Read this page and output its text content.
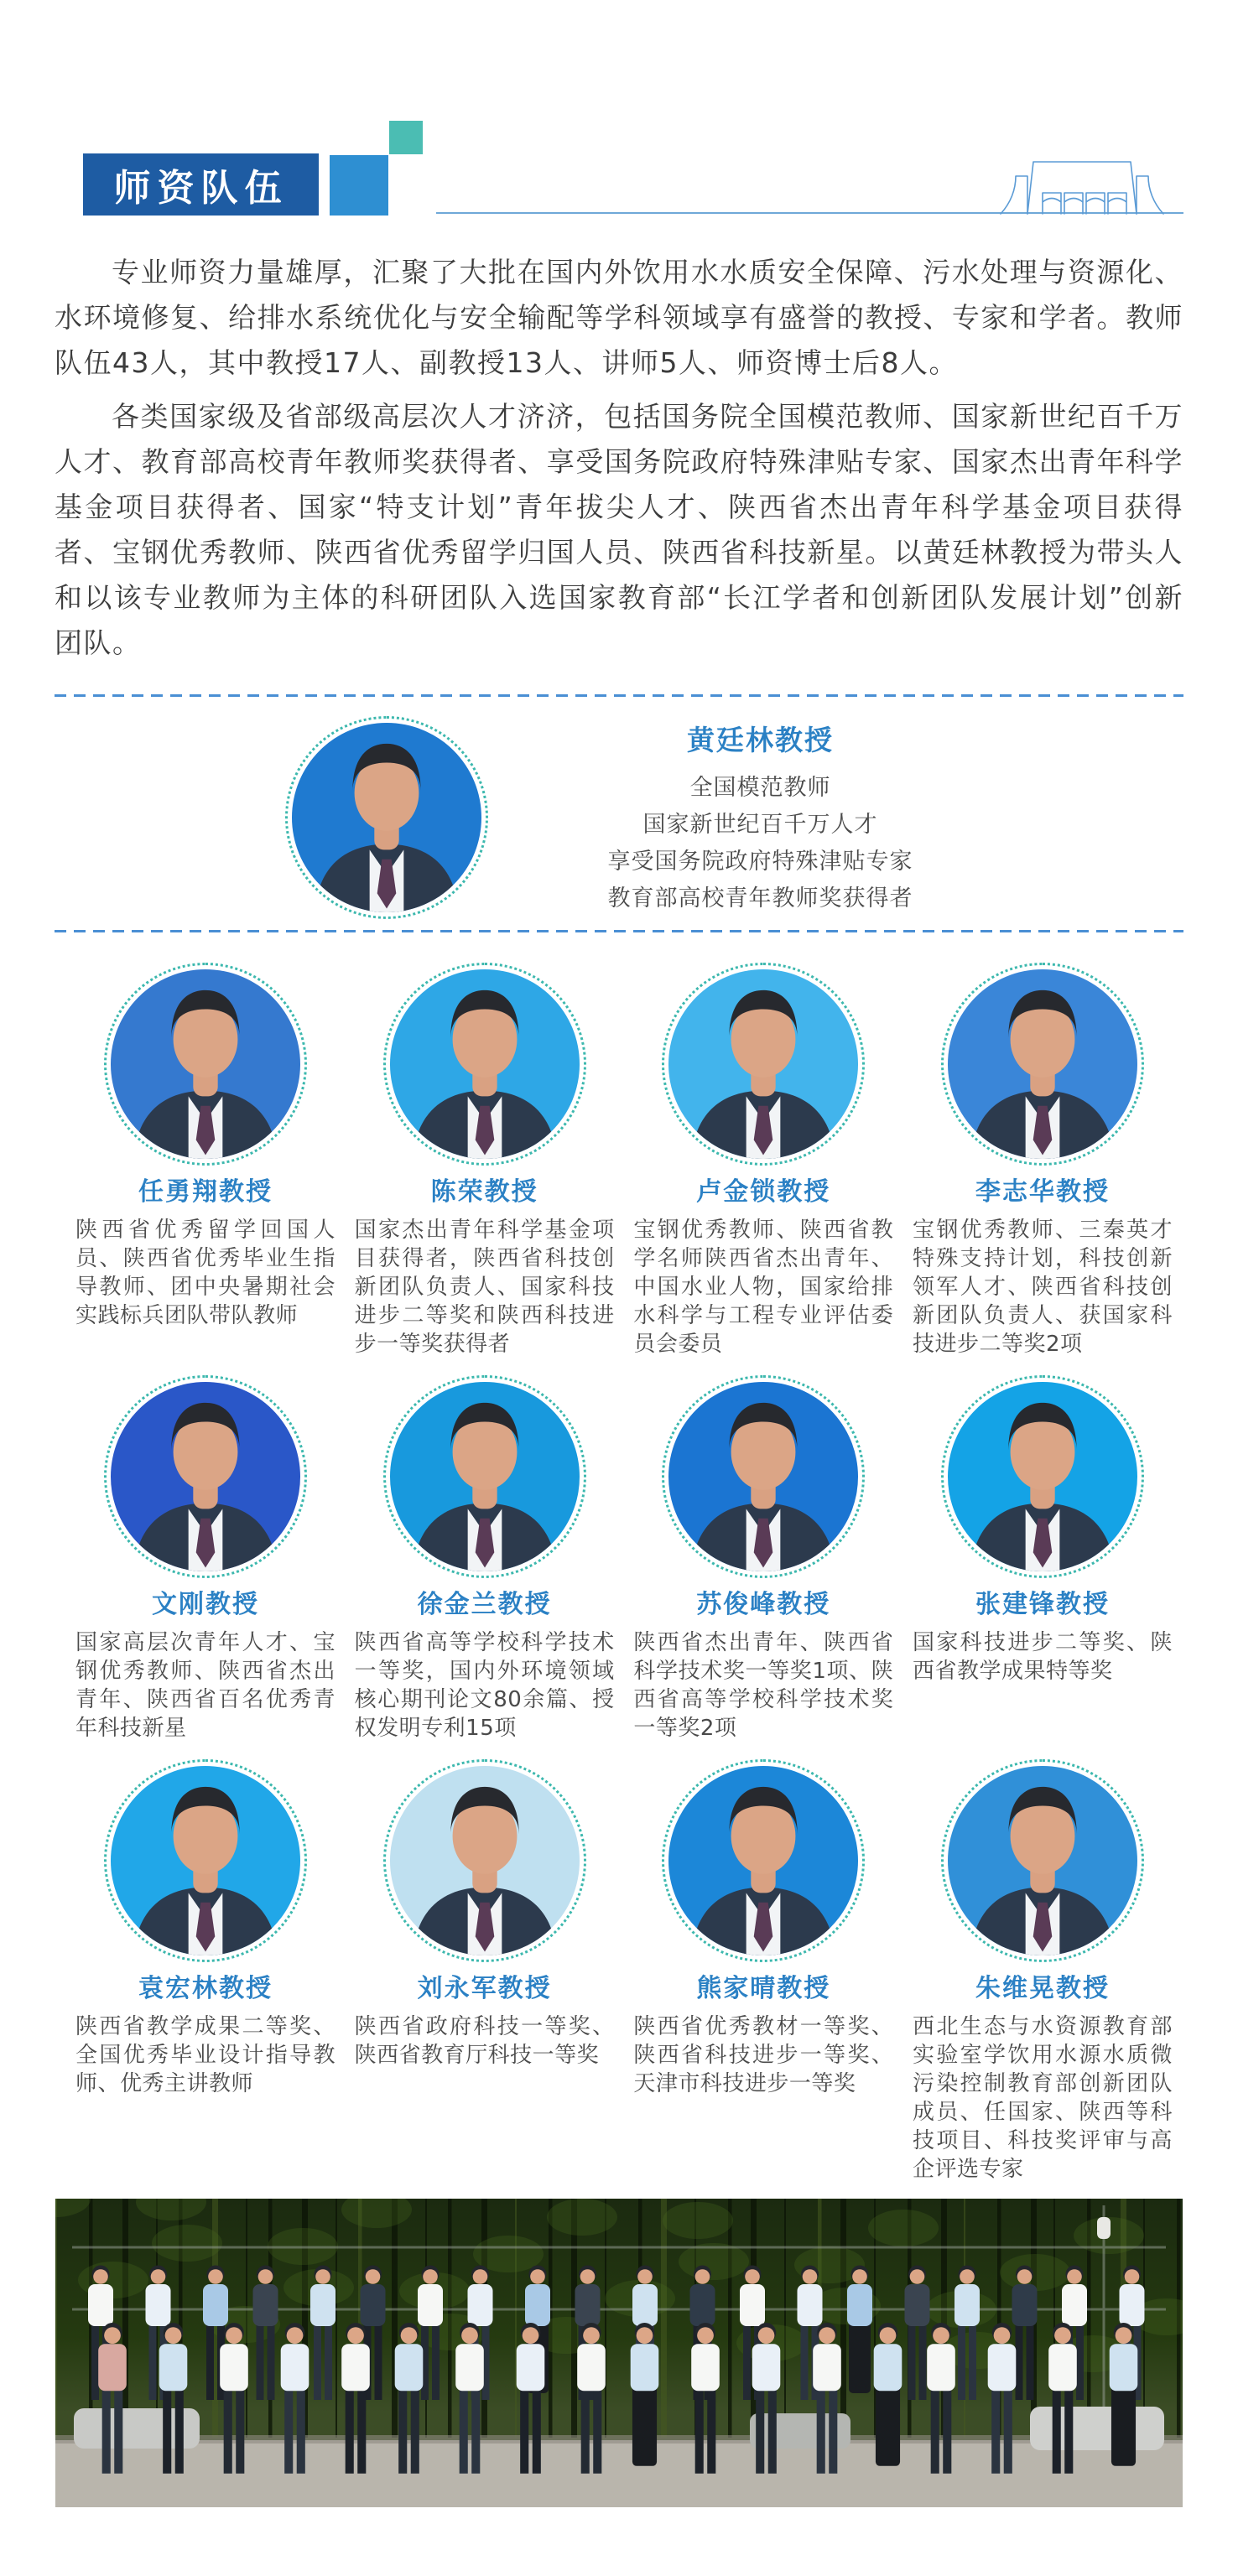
师资队伍

专业师资力量雄厚，汇聚了大批在国内外饮用水水质安全保障、污水处理与资源化、水环境修复、给排水系统优化与安全输配等学科领域享有盛誉的教授、专家和学者。教师队伍43人，其中教授17人、副教授13人、讲师5人、师资博士后8人。

各类国家级及省部级高层次人才济济，包括国务院全国模范教师、国家新世纪百千万人才、教育部高校青年教师奖获得者、享受国务院政府特殊津贴专家、国家杰出青年科学基金项目获得者、国家“特支计划”青年拔尖人才、陕西省杰出青年科学基金项目获得者、宝钢优秀教师、陕西省优秀留学归国人员、陕西省科技新星。以黄廷林教授为带头人和以该专业教师为主体的科研团队入选国家教育部“长江学者和创新团队发展计划”创新团队。

黄廷林教授
全国模范教师
国家新世纪百千万人才
享受国务院政府特殊津贴专家
教育部高校青年教师奖获得者
任勇翔教授
陕西省优秀留学回国人员、陕西省优秀毕业生指导教师、团中央暑期社会实践标兵团队带队教师
陈荣教授
国家杰出青年科学基金项目获得者，陕西省科技创新团队负责人、国家科技进步二等奖和陕西科技进步一等奖获得者
卢金锁教授
宝钢优秀教师、陕西省教学名师陕西省杰出青年、中国水业人物，国家给排水科学与工程专业评估委员会委员
李志华教授
宝钢优秀教师、三秦英才特殊支持计划，科技创新领军人才、陕西省科技创新团队负责人、获国家科技进步二等奖2项
文刚教授
国家高层次青年人才、宝钢优秀教师、陕西省杰出青年、陕西省百名优秀青年科技新星
徐金兰教授
陕西省高等学校科学技术一等奖，国内外环境领域核心期刊论文80余篇、授权发明专利15项
苏俊峰教授
陕西省杰出青年、陕西省科学技术奖一等奖1项、陕西省高等学校科学技术奖一等奖2项
张建锋教授
国家科技进步二等奖、陕西省教学成果特等奖
袁宏林教授
陕西省教学成果二等奖、全国优秀毕业设计指导教师、优秀主讲教师
刘永军教授
陕西省政府科技一等奖、陕西省教育厅科技一等奖
熊家晴教授
陕西省优秀教材一等奖、陕西省科技进步一等奖、天津市科技进步一等奖
朱维晃教授
西北生态与水资源教育部实验室学饮用水源水质微污染控制教育部创新团队成员、任国家、陕西等科技项目、科技奖评审与高企评选专家
